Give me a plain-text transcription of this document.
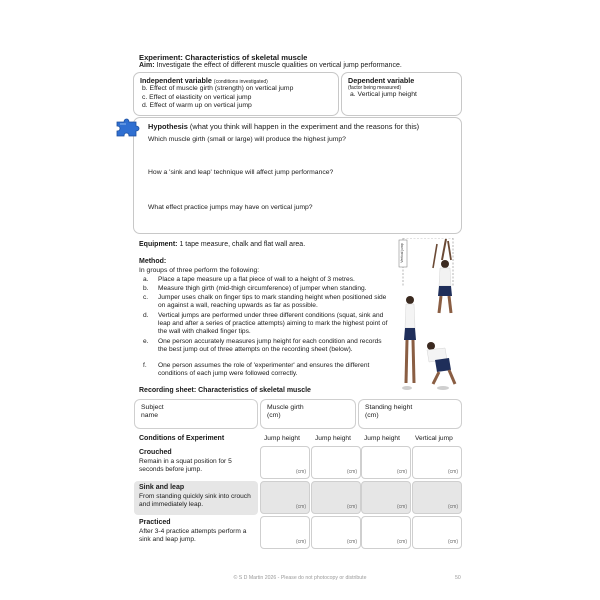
Experiment: Characteristics of skeletal muscle
Aim: Investigate the effect of different muscle qualities on vertical jump performance.
Independent variable (conditions investigated)
b. Effect of muscle girth (strength) on vertical jump
c. Effect of elasticity on vertical jump
d. Effect of warm up on vertical jump
Dependent variable
(factor being measured)
a. Vertical jump height
Hypothesis (what you think will happen in the experiment and the reasons for this)
Which muscle girth (small or large) will produce the highest jump?
How a 'sink and leap' technique will affect jump performance?
What effect practice jumps may have on vertical jump?
Equipment: 1 tape measure, chalk and flat wall area.
Method:
In groups of three perform the following:
a. Place a tape measure up a flat piece of wall to a height of 3 metres.
b. Measure thigh girth (mid-thigh circumference) of jumper when standing.
c. Jumper uses chalk on finger tips to mark standing height when positioned side on against a wall, reaching upwards as far as possible.
d. Vertical jumps are performed under three different conditions (squat, sink and leap and after a series of practice attempts) aiming to mark the highest point of the wall with chalked finger tips.
e. One person accurately measures jump height for each condition and records the best jump out of three attempts on the recording sheet (below).
f. One person assumes the role of 'experimenter' and ensures the different conditions of each jump were followed correctly.
Vertical jump
Recording sheet: Characteristics of skeletal muscle
Subject name
Muscle girth (cm)
Standing height (cm)
Conditions of Experiment	Jump height Jump height Jump height Vertical jump
Crouched
Remain in a squat position for 5 seconds before jump.	(cm)	(cm)	(cm)	(cm)
Sink and leap
From standing quickly sink into crouch and immediately leap.	(cm)	(cm)	(cm)	(cm)
Practiced
After 3-4 practice attempts perform a sink and leap jump.	(cm)	(cm)	(cm)	(cm)
© S D Martin 2026 - Please do not photocopy or distribute	50
